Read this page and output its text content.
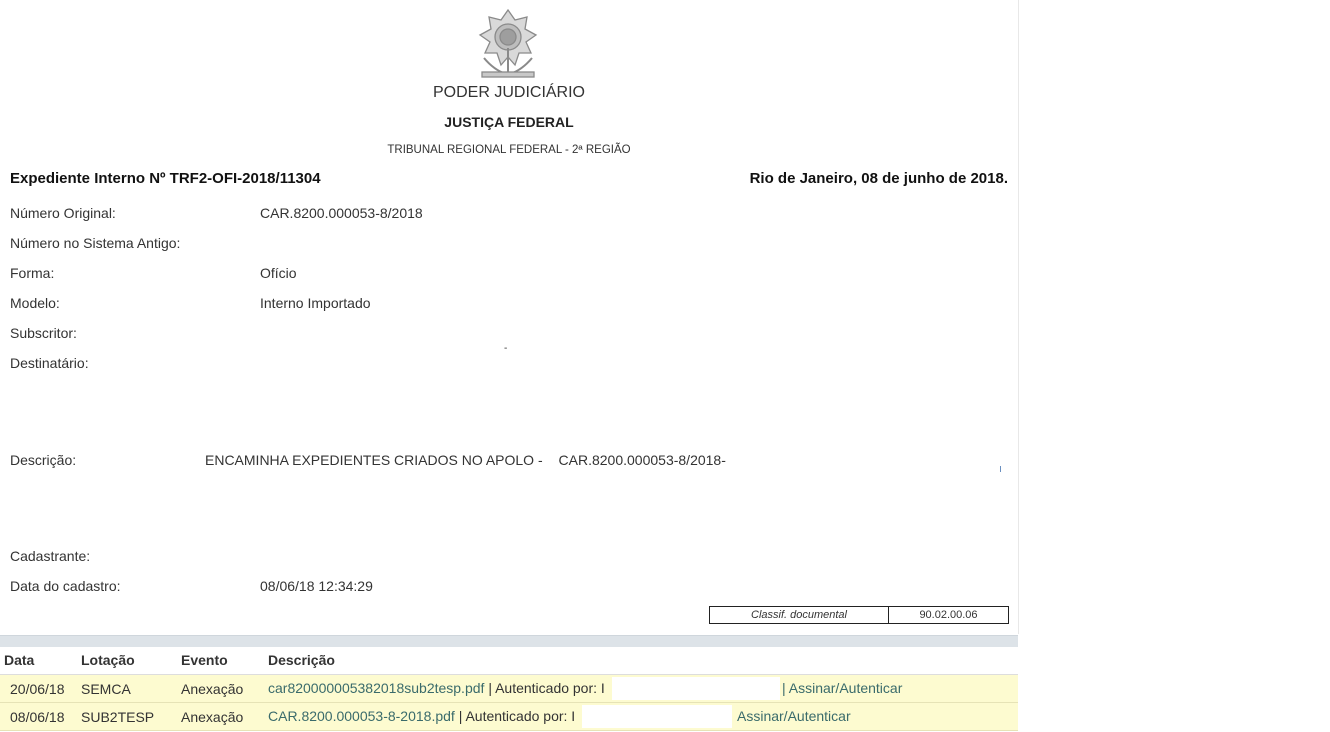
PODER JUDICIÁRIO
JUSTIÇA FEDERAL
TRIBUNAL REGIONAL FEDERAL - 2ª REGIÃO
Expediente Interno Nº TRF2-OFI-2018/11304	Rio de Janeiro, 08 de junho de 2018.
Número Original:	CAR.8200.000053-8/2018
Número no Sistema Antigo:
Forma:	Ofício
Modelo:	Interno Importado
Subscritor:
Destinatário:
-
Descrição:	ENCAMINHA EXPEDIENTES CRIADOS NO APOLO - CAR.8200.000053-8/2018-
Cadastrante:
Data do cadastro:	08/06/18 12:34:29
Classif. documental	90.02.00.06
Data	Lotação	Evento	Descrição
20/06/18	SEMCA	Anexação	car820000005382018sub2tesp.pdf | Autenticado por: I	| Assinar/Autenticar
08/06/18	SUB2TESP	Anexação	CAR.8200.000053-8-2018.pdf | Autenticado por: I	Assinar/Autenticar
